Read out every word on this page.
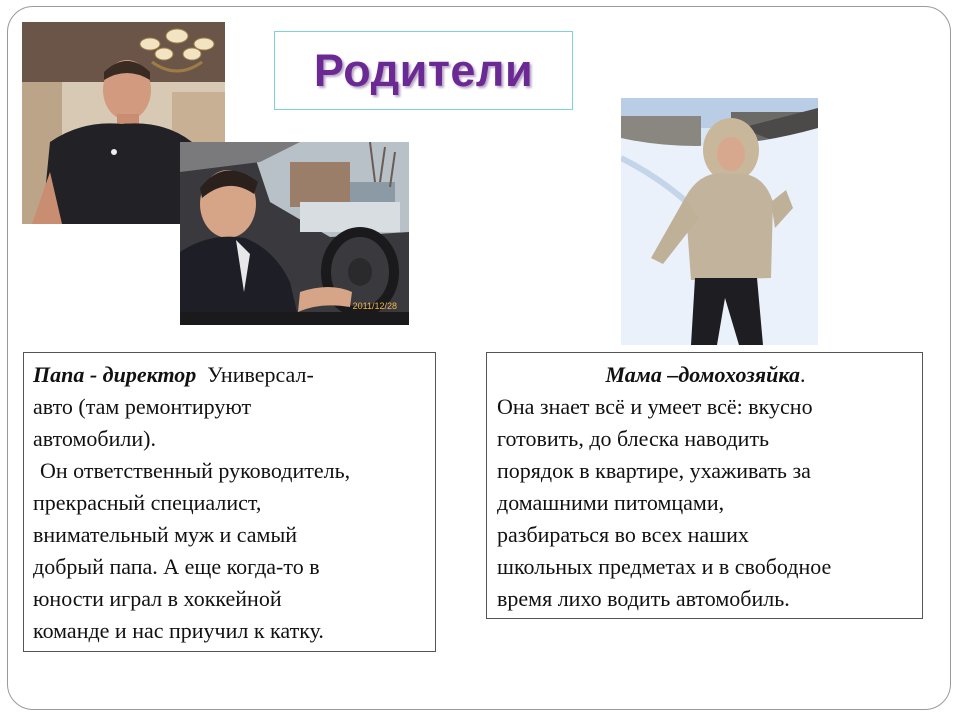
Родители
2011/12/28

Папа - директор Универсал-

авто (там ремонтируют

автомобили).

Он ответственный руководитель,

прекрасный специалист,

внимательный муж и самый

добрый папа. А еще когда-то в

юности играл в хоккейной

команде и нас приучил к катку.

Мама –домохозяйка.

Она знает всё и умеет всё: вкусно

готовить, до блеска наводить

порядок в квартире, ухаживать за

домашними питомцами,

разбираться во всех наших

школьных предметах и в свободное

время лихо водить автомобиль.
